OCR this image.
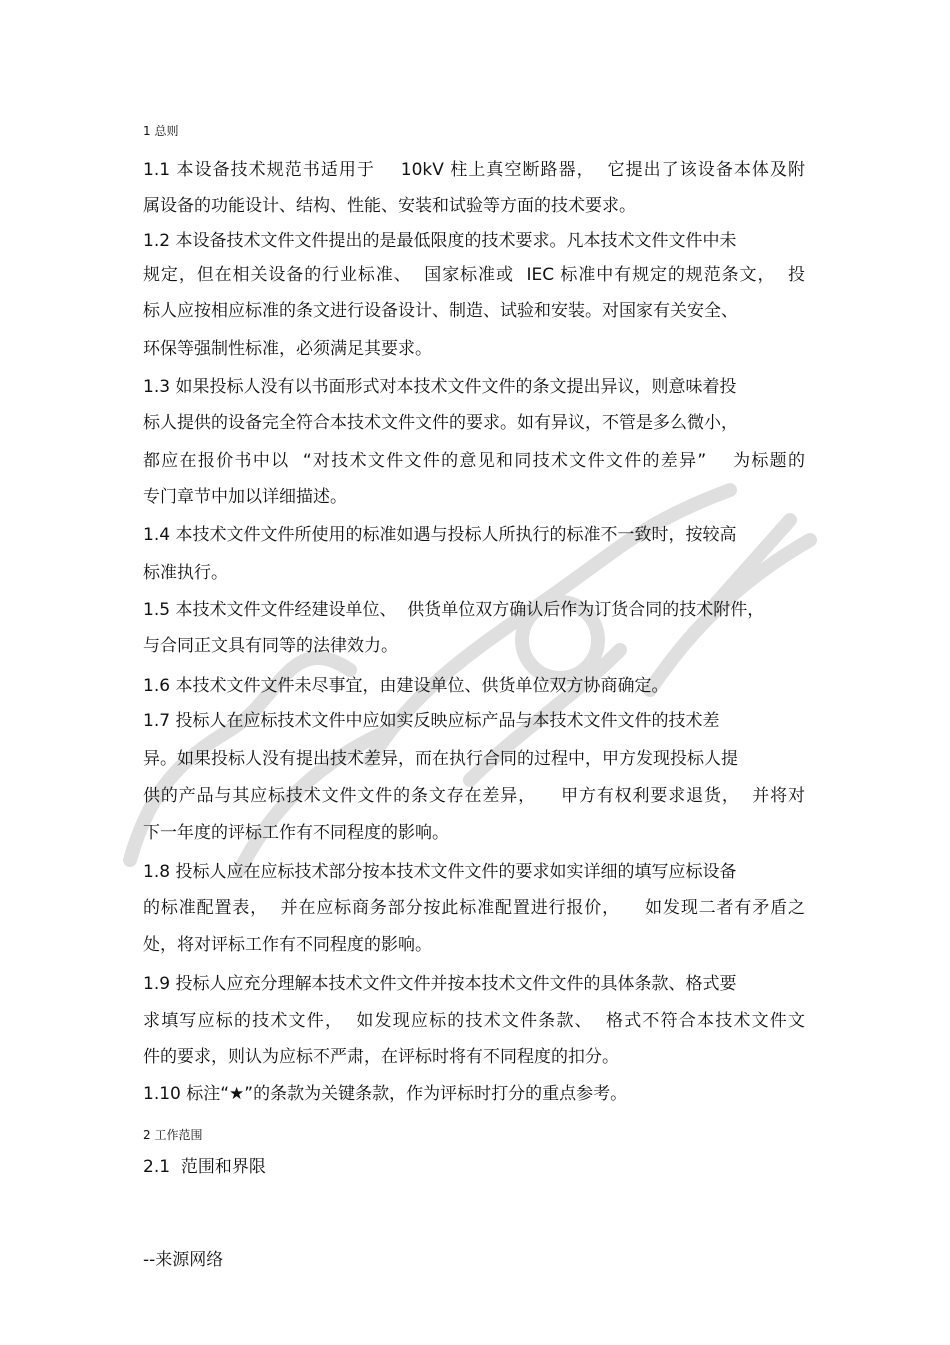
1 总则
1.1 本设备技术规范书适用于    10kV 柱上真空断路器，  它提出了该设备本体及附
属设备的功能设计、结构、性能、安装和试验等方面的技术要求。
1.2 本设备技术文件文件提出的是最低限度的技术要求。凡本技术文件文件中未
规定，但在相关设备的行业标准、  国家标准或  IEC 标准中有规定的规范条文，  投
标人应按相应标准的条文进行设备设计、制造、试验和安装。对国家有关安全、
环保等强制性标准，必须满足其要求。
1.3 如果投标人没有以书面形式对本技术文件文件的条文提出异议，则意味着投
标人提供的设备完全符合本技术文件文件的要求。如有异议，不管是多么微小，
都应在报价书中以  “对技术文件文件的意见和同技术文件文件的差异”    为标题的
专门章节中加以详细描述。
1.4 本技术文件文件所使用的标准如遇与投标人所执行的标准不一致时，按较高
标准执行。
1.5 本技术文件文件经建设单位、  供货单位双方确认后作为订货合同的技术附件，
与合同正文具有同等的法律效力。
1.6 本技术文件文件未尽事宜，由建设单位、供货单位双方协商确定。
1.7 投标人在应标技术文件中应如实反映应标产品与本技术文件文件的技术差
异。如果投标人没有提出技术差异，而在执行合同的过程中，甲方发现投标人提
供的产品与其应标技术文件文件的条文存在差异，    甲方有权利要求退货，  并将对
下一年度的评标工作有不同程度的影响。
1.8 投标人应在应标技术部分按本技术文件文件的要求如实详细的填写应标设备
的标准配置表，  并在应标商务部分按此标准配置进行报价，    如发现二者有矛盾之
处，将对评标工作有不同程度的影响。
1.9 投标人应充分理解本技术文件文件并按本技术文件文件的具体条款、格式要
求填写应标的技术文件，  如发现应标的技术文件条款、  格式不符合本技术文件文
件的要求，则认为应标不严肃，在评标时将有不同程度的扣分。
1.10 标注“★”的条款为关键条款，作为评标时打分的重点参考。
2 工作范围
2.1  范围和界限
--来源网络
